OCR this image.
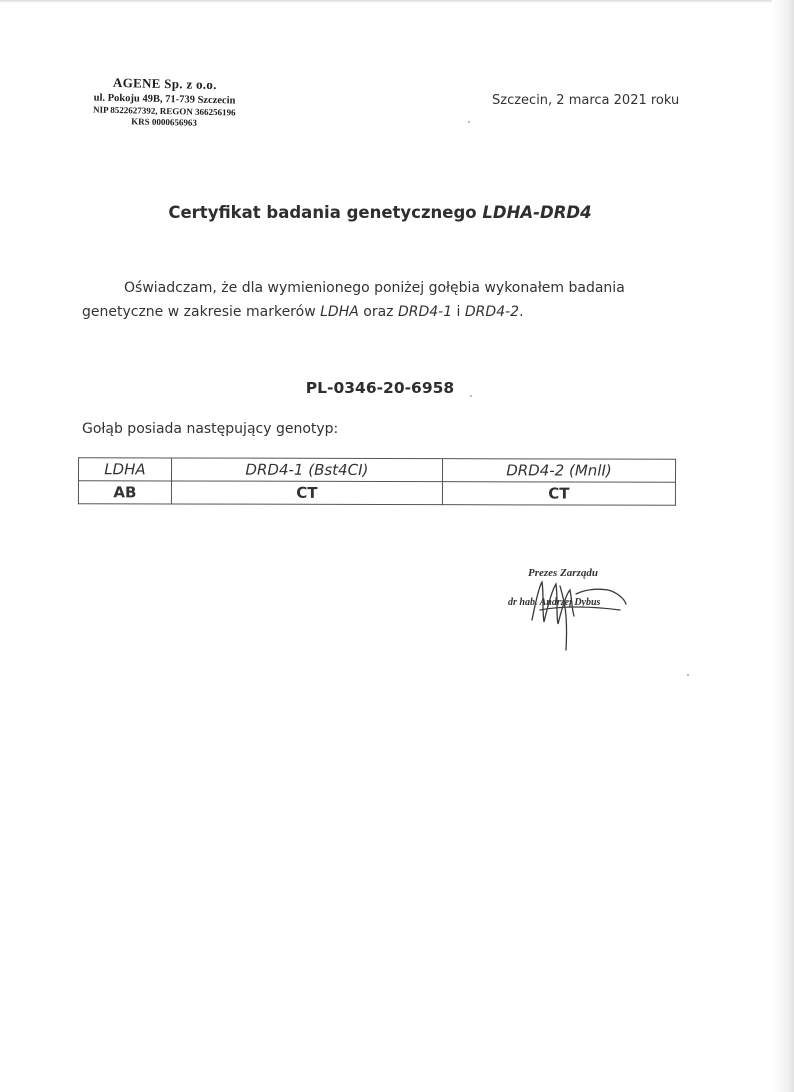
AGENE Sp. z o.o.
ul. Pokoju 49B, 71-739 Szczecin
NIP 8522627392, REGON 366256196
KRS 0000656963
Szczecin, 2 marca 2021 roku
Certyfikat badania genetycznego LDHA-DRD4
Oświadczam, że dla wymienionego poniżej gołębia wykonałem badania genetyczne w zakresie markerów LDHA oraz DRD4-1 i DRD4-2.
PL-0346-20-6958
Gołąb posiada następujący genotyp:
LDHA	DRD4-1 (Bst4CI)	DRD4-2 (MnlI)
AB	CT	CT
Prezes Zarządu
dr hab. Andrzej Dybus
